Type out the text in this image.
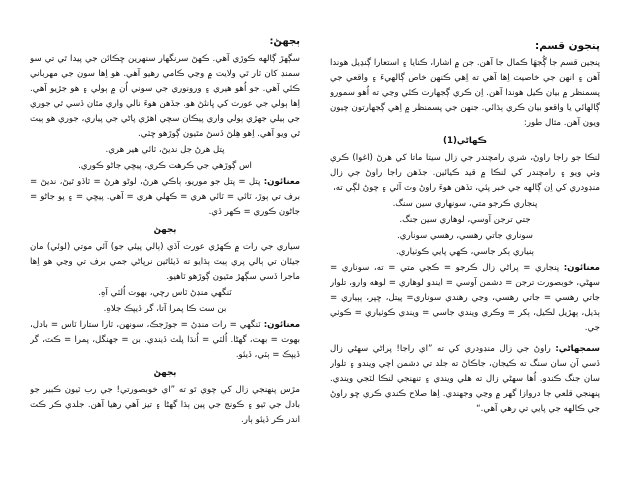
پنجون قسم:

پنجين قسم جا ڳُجهَا ڪمال جا آهن. جن ۾ اشارا، ڪنايا ۽ استعارا ڳنڍيل هوندا آهن ۽ انهن جي خاصيت اِها آهي ته اِهي ڪنهن خاص ڳالهيءَ ۽ واقعي جي پسمنظر ۾ بيان ڪيل هوندا آهن. اِن ڪري ڳجهارت ڪئي وڃي ته اُهو سمورو ڳالهائي يا واقعو بيان ڪري ٻڌائي. جنهن جي پسمنظر ۾ اِهي ڳجهارتون چيون ويون آهن. مثال طور:

ڪهاڻي(1)

لنڪا جو راجا راوڻ، شري رامچندر جي زال سيتا ماتا کي هرڻ (اغوا) ڪري وٺي ويو ۽ رامچندر کي لنڪا ۾ قيد ڪيائين. جڏهن راجا راوڻ جي زال منڊودري کي اِن ڳالهه جي خبر پئي، تڏهن هوءَ راوڻ وٽ آئي ۽ چوڻ لڳي ته،

پنجاري ڪرجو متي، سونهاري سين سنگ.
جتي ترجن آوسي، لوهاري سين جنگ.
سوناري جاتي رهسي، رهسي سوناري.
ٻنياري ٻکر جاسي، ڪهي پايي ڪوٺياري.

معنائون: پنجاري = پراڻي زال ڪرجو = ڪجي متي = ته، سوناري = سهڻي، خوبصورت ترجن = دشمن آوسي = ايندو لوهاري = لوهه وارو، تلوار جاتي رهسي = جاتي رهسي، وڃي رهندي سوناري= پيتل، ڇپر، ٻٻياري = ٻڌيل، ٻهڙيل لڪيل، ٻکر = وڪري ويندي جاسي = ويندي ڪوٺياري = ڪوٺي جي.

سمجهاڻي: راوڻ جي زال منڊودري کي ته ”اي راجا! پراڻي سهڻي زال ڏسي آن سان سنگ ته ڪيجان، جاڪاڻ ته جلد تي دشمن اچي ويندو ۽ تلوار سان جنگ ڪندو. اُها سهڻي زال ته هلي ويندي ۽ تنهنجي لنڪا لٽجي ويندي. پنهنجي قلعي جا دروازا گهر ۾ وڃي وجهندي. اِها صلاح ڪندي ڪري ڇو راوڻ جي ڪالهه جي پايي تي رهي آهي.“

ٻجهڻ:

سڳهڙ ڳالهه ڪوڙي آهي. ڪهڻ سرنگهار سنهرين ڇڪائن جي پيدا ٿي تي سو سمنڊ کان ٽار ٿي ولايت ۾ وڃي ڪامي رهيو آهي. هو اِها سون جي مهرباني ڪئي آهي. جو اُهو هيري ۽ ورونوري جي سوني اُن ۾ ٻولي ۽ هو جڙيو آهي. اِها ٻولي جي عورت کي ڀانئڻ هو. جڏهن هوءَ نالي واري مٿان ڏسي ٿي جوري جي ٻيلي جهڙي ٻولي واري پيڪان سچي اهڙي پاڻي جي پياري، جوري هو ٻيٽ ٿي ويو آهي. اِهو هِلڻ ڏسڻ مٿيون ڳوڙهو ڇٽي.

پتل هرڻ جل نديڻ، ٽائي هير هري.
اس ڳوڙهي جي ڪرهت ڪري، پيڇي جاڻو ڪوري.

معنائون: پتل = پتل جو موريو، ٻاڪي هرڻ، لوڻو هرڻ = ٽاڏو ٿيڻ، نديڻ = برف تي ٻوڙ، ٽائي = ٽائي هري = ڪهلي هري = آهي. پيڇي = ۽ پو جاڻو = جاڻون ڪوري = ڪهر ڏي.

ٻجهڻ

سياري جي رات ۾ ڪهڙي عورت آڏي (ٻالي پيئي جو) آئي موتي (لوئي) مان جيئان تي ٻالي پري ٻيٽ ٻڌايو ته ڏيئاٿين نرپاڻي جمي برف تي وڃي هو اِها ماجرا ڏسي سڳهڙ مٿيون ڳوڙهو ٽاهيو.

ٽنگهي منڊڻ ٽاس رچي، بهوت اُلٽي آهِ.
بن ست ڪا پمرا آتا، گر ڏيپڪ جلاهِ.

معنائون: ٽنگهي = رات منڊڻ = جوڙجڪ، سونهن، ٽارا ستارا ٽاس = بادل، بهوت = بهت، گهڻا. اُلٽي = اُنڌا پلٽ ڏيندي. بن = جهنگل، پمرا = ڪٽ، گر ڏيپڪ = ٻٽي، ڏيئو.

ٻجهڻ

مڙس پنهنجي زال کي چوي ٿو ته ”اي خوبصورتي! جي رب ٽيون ڪبير جو بادل جي ٿيو ۽ ڪونج جي پين ٻڌا گهڻا ۽ تيز آهي رهيا آهن. جلدي ڪر ڪٽ اندر ڪر ڏيئو ٻار.
